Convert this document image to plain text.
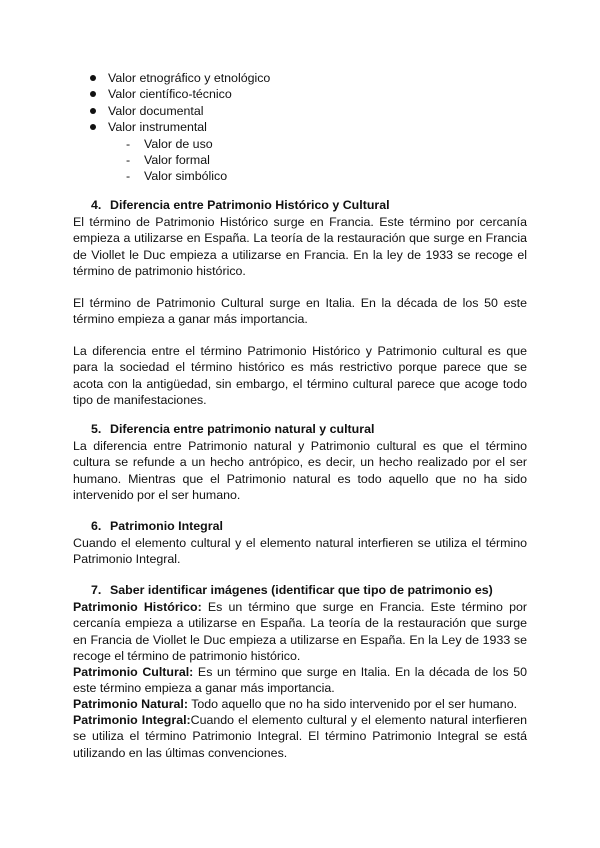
Valor etnográfico y etnológico
Valor científico-técnico
Valor documental
Valor instrumental
- Valor de uso
- Valor formal
- Valor simbólico
4. Diferencia entre Patrimonio Histórico y Cultural
El término de Patrimonio Histórico surge en Francia. Este término por cercanía empieza a utilizarse en España. La teoría de la restauración que surge en Francia de Viollet le Duc empieza a utilizarse en Francia. En la ley de 1933 se recoge el término de patrimonio histórico.
El término de Patrimonio Cultural surge en Italia. En la década de los 50 este término empieza a ganar más importancia.
La diferencia entre el término Patrimonio Histórico y Patrimonio cultural es que para la sociedad el término histórico es más restrictivo porque parece que se acota con la antigüedad, sin embargo, el término cultural parece que acoge todo tipo de manifestaciones.
5. Diferencia entre patrimonio natural y cultural
La diferencia entre Patrimonio natural y Patrimonio cultural es que el término cultura se refunde a un hecho antrópico, es decir, un hecho realizado por el ser humano. Mientras que el Patrimonio natural es todo aquello que no ha sido intervenido por el ser humano.
6. Patrimonio Integral
Cuando el elemento cultural y el elemento natural interfieren se utiliza el término Patrimonio Integral.
7. Saber identificar imágenes (identificar que tipo de patrimonio es)
Patrimonio Histórico: Es un término que surge en Francia. Este término por cercanía empieza a utilizarse en España. La teoría de la restauración que surge en Francia de Viollet le Duc empieza a utilizarse en España. En la Ley de 1933 se recoge el término de patrimonio histórico.
Patrimonio Cultural: Es un término que surge en Italia. En la década de los 50 este término empieza a ganar más importancia.
Patrimonio Natural: Todo aquello que no ha sido intervenido por el ser humano.
Patrimonio Integral:Cuando el elemento cultural y el elemento natural interfieren se utiliza el término Patrimonio Integral. El término Patrimonio Integral se está utilizando en las últimas convenciones.
